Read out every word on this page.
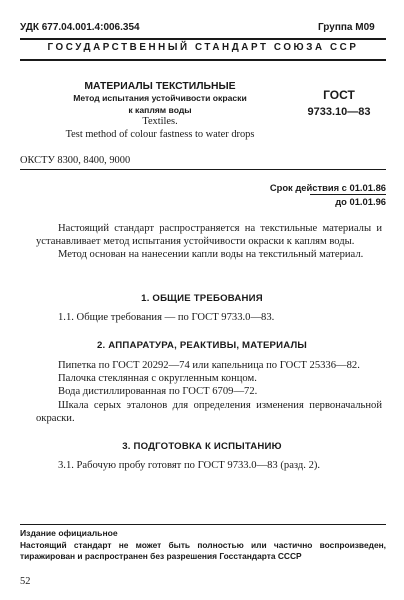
УДК 677.04.001.4:006.354	Группа М09
ГОСУДАРСТВЕННЫЙ СТАНДАРТ СОЮЗА ССР
МАТЕРИАЛЫ ТЕКСТИЛЬНЫЕ
Метод испытания устойчивости окраски
к каплям воды
Textiles.
Test method of colour fastness to water drops
ГОСТ
9733.10—83
ОКСТУ 8300, 8400, 9000
Срок действия с 01.01.86
до 01.01.96

Настоящий стандарт распространяется на текстильные материалы и устанавливает метод испытания устойчивости окраски к каплям воды.

Метод основан на нанесении капли воды на текстильный материал.

1. ОБЩИЕ ТРЕБОВАНИЯ

1.1. Общие требования — по ГОСТ 9733.0—83.

2. АППАРАТУРА, РЕАКТИВЫ, МАТЕРИАЛЫ

Пипетка по ГОСТ 20292—74 или капельница по ГОСТ 25336—82.

Палочка стеклянная с округленным концом.

Вода дистиллированная по ГОСТ 6709—72.

Шкала серых эталонов для определения изменения первоначальной окраски.

3. ПОДГОТОВКА К ИСПЫТАНИЮ

3.1. Рабочую пробу готовят по ГОСТ 9733.0—83 (разд. 2).

Издание официальное
Настоящий стандарт не может быть полностью или частично воспроизведен, тиражирован и распространен без разрешения Госстандарта СССР
52
